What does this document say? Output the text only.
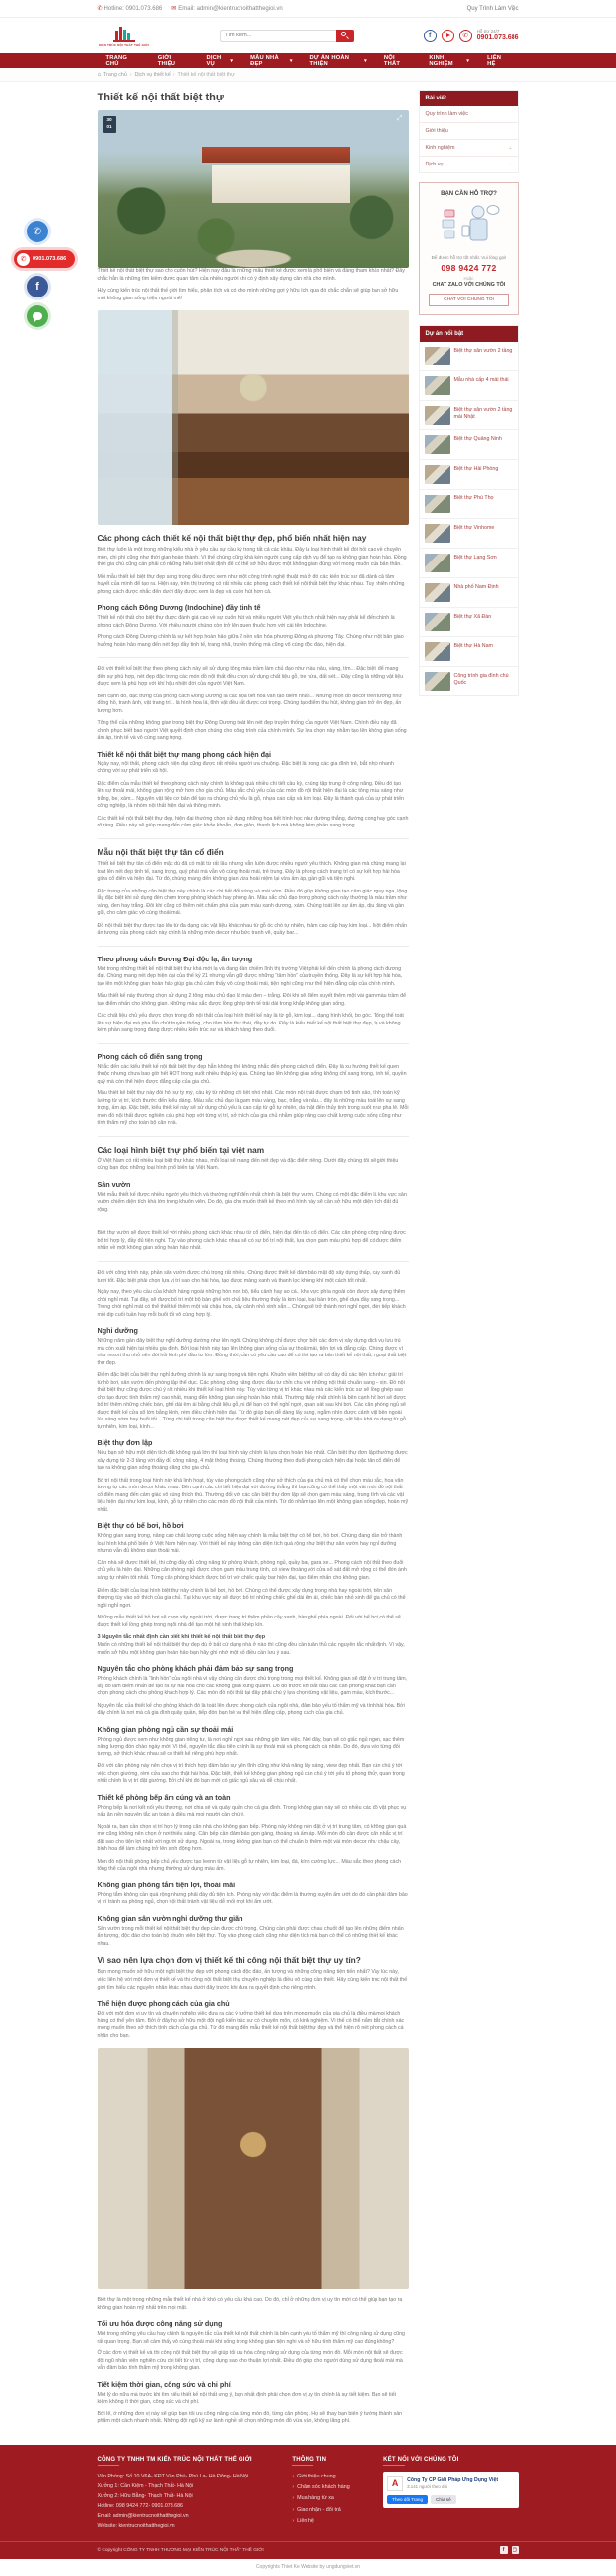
✆ Hotline: 0901.073.686 ✉ Email: admin@kientrucnoithatthegioi.vn	Quy Trình Làm Việc
KIẾN TRÚC NỘI THẤT THẾ GIỚI
Tìm kiếm...
f	✆
Hỗ trợ 24/7
0901.073.686
TRANG CHỦ
GIỚI THIỆU
DỊCH VỤ	▾	MẪU NHÀ ĐẸP	▾	DỰ ÁN HOÀN THIỆN	▾	NỘI THẤT
KINH NGHIỆM	▾	LIÊN HỆ
⌂ Trang chủ › Dịch vụ thiết kế › Thiết kế nội thất biệt thự
Thiết kế nội thất biệt thự
30
01
⤢
Thiết kế nội thất biệt thự sao cho cuốn hút? Hiện nay đâu là những mẫu thiết kế được xem là phổ biến và đáng tham khảo nhất? Đây chắc hẳn là những tìm kiếm được quan tâm của nhiều người khi có ý định xây dựng căn nhà cho mình.
Hãy cùng kiến trúc nội thất thế giới tìm hiểu, phân tích và có cho mình những gợi ý hữu ích, qua đó chắc chắn sẽ giúp bạn sở hữu một không gian sống triệu người mê!
Các phong cách thiết kế nội thất biệt thự đẹp, phổ biến nhất hiện nay
Biệt thự luôn là một trong những kiểu nhà ở yêu cầu sự cầu kỳ trong tất cả các khâu. Đây là loại hình thiết kế đòi hỏi cao về chuyên môn, chi phí cũng như thời gian hoàn thành. Vì thế chúng cũng khá kén người cung cấp dịch vụ để tạo ra không gian hoàn hảo. Đồng thời gia chủ cũng cần phải có những hiểu biết nhất định để có thể sở hữu được một không gian đúng với mong muốn của bản thân.
Mỗi mẫu thiết kế biệt thự đẹp sang trọng đều được xem như một công trình nghệ thuật mà ở đó các kiến trúc sư đã dành cả tâm huyết của mình để tạo ra. Hiện nay, trên thị trường có rất nhiều các phong cách thiết kế nội thất biệt thự khác nhau. Tuy nhiên những phong cách được nhắc đến dưới đây được xem là đẹp và cuốn hút hơn cả.
Phong cách Đông Dương (Indochine) đầy tinh tế
Thiết kế nội thất cho biệt thự được đánh giá cao về sự cuốn hút và nhiều người Việt yêu thích nhất hiện nay phải kể đến chính là phong cách Đông Dương. Với nhiều người chúng còn trở lên quen thuộc hơn với cái tên Indochine.
Phong cách Đông Dương chính là sự kết hợp hoàn hảo giữa 2 nền văn hóa phương Đông và phương Tây. Chúng như một bản giao hưởng hoàn hảo mang đến nét đẹp đầy tinh tế, trang nhã, truyền thống mà cũng vô cùng độc đáo, hiện đại.
Đối với thiết kế biệt thự theo phong cách này sẽ sử dụng tông màu trầm làm chủ đạo như màu nâu, vàng, tím... Đặc biệt, để mang đến sự phù hợp, nét đẹp đặc trưng các món đồ nội thất đều chọn sử dụng chất liệu gỗ, tre nứa, đất sét... Đây cũng là những vật liệu được xem là phù hợp với khí hậu nhiệt đới của người Việt Nam.
Bên cạnh đó, đặc trưng của phong cách Đông Dương là các họa tiết hoa văn tạo điểm nhấn... Những món đồ decor trên tường như đồng hồ, tranh ảnh, vật trang trí... là hình hoa lá, tĩnh vật đều rất được coi trọng. Chúng tạo điểm thu hút, không gian trở lên đẹp, ấn tượng hơn.
Tổng thể của những không gian trong biệt thự Đông Dương toát lên nét đẹp truyền thống của người Việt Nam. Chính điều này đã chinh phục biết bao người Việt quyết định chọn chúng cho công trình của chính mình. Sự lựa chọn này nhằm tạo lên không gian sống ấm áp, tinh tế và vô cùng sang trọng.
Thiết kế nội thất biệt thự mang phong cách hiện đại
Ngày nay, nội thất, phong cách hiện đại cũng được rất nhiều người ưa chuộng. Đặc biệt là trong các gia đình trẻ, bắt nhịp nhanh chóng với sự phát triển xã hội.
Đặc điểm của mẫu thiết kế theo phong cách này chính là không quá nhiều chi tiết cầu kỳ, chúng tập trung ở công năng. Điều đó tạo lên sự thoải mái, không gian rộng mở hơn cho gia chủ. Màu sắc chủ yếu của các món đồ nội thất hiện đại là các tông màu sáng như trắng, be, xám... Nguyên vật liệu cơ bản để tạo ra chúng chủ yếu là gỗ, nhựa cao cấp và kim loại. Đây là thành quả của sự phát triển công nghiệp, là nhóm nội thất hiện đại và thông minh.
Các thiết kế nội thất biệt thự đẹp, hiện đại thường chọn sử dụng những họa tiết hình học như đường thẳng, đường cong hay góc cạnh rõ ràng. Điều này sẽ giúp mang đến cảm giác khỏe khoắn, đơn giản, thanh lịch mà không kém phần sang trọng.
Mẫu nội thất biệt thự tân cổ điển
Thiết kế biệt thự tân cổ điển mặc dù đã có mặt từ rất lâu nhưng vẫn luôn được nhiều người yêu thích. Không gian mà chúng mang lại toát lên nét đẹp tinh tế, sang trọng, quý phái mà vẫn vô cùng thoải mái, trẻ trung. Đây là phong cách trang trí có sự kết hợp hài hòa giữa cổ điển và hiện đại. Từ đó, chúng mang đến không gian vừa hoài niệm lại vừa ấm áp, gần gũi và tiện nghi.
Đặc trưng của những căn biệt thự này chính là các chi tiết đối xứng và mái vòm. Điều đó giúp không gian tạo cảm giác nguy nga, lộng lẫy đặc biệt khi sử dụng đèn chùm trong phòng khách hay phòng ăn. Màu sắc chủ đạo trong phong cách này thường là màu trầm như vàng, đen hay trắng. Đôi khi cũng có thêm nét chấm phá của gam màu xanh dương, xám. Chúng toát lên sự ấm áp, dịu dàng và gần gũi, cho cảm giác vô cùng thoải mái.
Đồ nội thất biệt thự được tạo lên từ đa dạng các vật liệu khác nhau từ gỗ óc chó tự nhiên, thảm cao cấp hay kim loại... Một điểm nhấn ấn tượng của phong cách này chính là những món decor như bức tranh vẽ, quầy bar...
Theo phong cách Đương Đại độc lạ, ấn tượng
Một trong những thiết kế nội thất biệt thự khá mới lạ và đang dần chiếm lĩnh thị trường Việt phải kể đến chính là phong cách đương đại. Chúng mang nét đẹp hiện đại của thế kỷ 21 nhưng vẫn giữ được những “tâm hồn” của truyền thống. Đây là sự kết hợp hài hòa, tạo lên một không gian hoàn hảo giúp gia chủ cảm thấy vô cùng thoải mái, tiện nghi cũng như thể hiện đẳng cấp của chính mình.
Mẫu thiết kế này thường chọn sử dụng 2 tông màu chủ đạo là màu đen – trắng. Đôi khi sẽ điểm xuyết thêm một vài gam màu trầm để tạo điểm nhấn cho không gian. Những màu sắc được lồng ghép tinh tế trải dài trong khắp không gian sống.
Các chất liệu chủ yếu được chọn trong đồ nội thất của loại hình thiết kế này là từ gỗ, kim loại... dạng hình khối, bo góc. Tổng thể toát lên sự hiện đại mà pha lẫn chút truyền thống, cho tâm hồn thư thái, đầy tự do. Đây là kiểu thiết kế nội thất biệt thự đẹp, lạ và không kém phần sang trọng đang được nhiều kiến trúc sư và khách hàng theo đuổi.
Phong cách cổ điển sang trọng
Nhắc đến các kiểu thiết kế nội thất biệt thự đẹp hẳn không thể không nhắc đến phong cách cổ điển. Đây là xu hướng thiết kế quen thuộc nhưng chưa bao giờ hết HOT trong suốt nhiều thập kỷ qua. Chúng tạo lên không gian sống không chỉ sang trọng, tinh tế, quyền quý mà còn thể hiện được đẳng cấp của gia chủ.
Mẫu thiết kế biệt thự này đòi hỏi sự tỷ mỷ, cầu kỳ từ những chi tiết nhỏ nhất. Các món nội thất được chạm trổ tinh xảo, tính toán kỹ lưỡng từ vị trí, kích thước đến kiểu dáng. Màu sắc chủ đạo là gam màu vàng, bạc, trắng và nâu... đây là những màu toát lên sự sang trọng, ấm áp. Đặc biệt, kiểu thiết kế này sẽ sử dụng chủ yếu là cao cấp từ gỗ tự nhiên, da thật đến thủy tinh trong suốt như pha lê. Mỗi món đồ nội thất được nghiên cứu phù hợp với từng vị trí, sở thích của gia chủ nhằm giúp nâng cao chất lượng cuộc sống cũng như tính thẩm mỹ cho toàn bộ căn nhà.
Các loại hình biệt thự phổ biến tại việt nam
Ở Việt Nam có rất nhiều loại biệt thự khác nhau, mỗi loại sẽ mang đến nét đẹp và đặc điểm riêng. Dưới đây chúng tôi sẽ giới thiệu cùng bạn đọc những loại hình phổ biến tại Việt Nam.
Sân vườn
Một mẫu thiết kế được nhiều người yêu thích và thường nghĩ đến nhất chính là biệt thự vườn. Chúng có một đặc điểm là khu vực sân vườn chiếm diện tích khá lớn trong khuôn viên. Do đó, gia chủ muốn thiết kế theo mô hình này sẽ cần sở hữu một diện tích đất đủ rộng.
Biệt thự vườn sẽ được thiết kế với nhiều phong cách khác nhau từ cổ điển, hiện đại đến tân cổ điển. Các căn phòng công năng được bố trí hợp lý, đầy đủ tiện nghi. Tùy vào phong cách khác nhau sẽ có sự bố trí nội thất, lựa chọn gam màu phù hợp để có được điểm nhấn về một không gian sống hoàn hảo nhất.
Đối với công trình này, phần sân vườn được chú trọng rất nhiều. Chúng được thiết kế đảm bảo mật độ xây dựng thấp, cây xanh đủ tươi tốt. Đặc biệt phải chọn lựa vị trí sao cho hài hòa, tạo được mảng xanh và thanh lọc không khí một cách tốt nhất.
Ngày nay, theo yêu cầu của khách hàng ngoài những hòn non bộ, tiểu cảnh hay ao cá.. khu vực phía ngoài còn được xây dựng thêm chòi nghỉ mát. Tại đây, sẽ được bố trí một bộ bàn ghế với chất liệu thường thấy là kim loại, loại bàn tròn, ghế dựa đầy sang trọng... Trong chòi nghỉ mát có thể thiết kế thêm một vài chậu hoa, cây cảnh nhỏ xinh xắn... Chúng sẽ trở thành nơi nghỉ ngơi, đón tiếp khách mỗi dịp cuối tuần hay mỗi buổi tối vô cùng hợp lý.
Nghỉ dưỡng
Những năm gần đây biệt thự nghỉ dưỡng dường như lên ngôi. Chúng không chỉ được chọn bởi các đơn vị xây dựng dịch vụ lưu trú mà còn xuất hiện tại nhiều gia đình. Bởi loại hình này tạo lên không gian sống của sự thoải mái, tiện lợi và đẳng cấp. Chúng được ví như resort thu nhỏ nên đòi hỏi kinh phí đầu tư lớn. Đồng thời, cần có yêu cầu cao để có thể tạo ra bản thiết kế nội thất, ngoại thất biệt thự đẹp.
Điểm đặc biệt của biệt thự nghỉ dưỡng chính là sự sang trọng và tiện nghi. Khuôn viên biệt thự sẽ có đầy đủ các tiện ích như: giải trí từ hồ bơi, sân vườn đến phòng tập thể dục. Các phòng công năng được đầu tư chỉn chu với những nội thất chuẩn sang – xịn. Đồ nội thất biệt thự cũng được chú ý rất nhiều khi thiết kế loại hình này. Tùy vào từng vị trí khác nhau mà các kiến trúc sư sẽ lồng ghép sao cho tạo được tính thẩm mỹ cao nhất, mang đến không gian sống hoàn hảo nhất. Thường thấy nhất chính là bên cạnh hồ bơi sẽ được bố trí thêm những chiếc bàn, ghế dài êm ái bằng chất liệu gỗ, ni để bạn có thể nghỉ ngơi, quan sát sau khi bơi. Các căn phòng ngủ sẽ được thiết kế cửa sổ lớn bằng kính, rèm điều chỉnh hiện đại. Từ đó giúp bạn dễ dàng lấy sáng, ngắm nhìn được cảnh vật bên ngoài lúc sáng sớm hay buổi tối... Từng chi tiết trong căn biệt thự được thiết kế mang nét đẹp của sự sang trọng, vật liệu khá đa dạng từ gỗ tự nhiên, kim loại, kính...
Biệt thự đơn lập
Nếu bạn sở hữu một diện tích đất không quá lớn thì loại hình này chính là lựa chọn hoàn hảo nhất. Căn biệt thự đơn lập thường được xây dựng từ 2-3 tầng với đầy đủ công năng, 4 mặt thông thoáng. Chúng thường theo đuổi phong cách hiện đại hoặc tân cổ điển để tạo ra không gian sống thoáng đãng cho gia chủ.
Bố trí nội thất trong loại hình này khá linh hoạt, tùy vào phong cách cũng như sở thích của gia chủ mà có thể chọn màu sắc, hoa văn tương tự các món decor khác nhau. Bên cạnh các chi tiết hiện đại với đường thẳng thì bạn cũng có thể thấy một vài món đồ nội thất cổ điển mang đến cảm giác vô cùng thích thú. Thường đối với các căn biệt thự đơn lập sẽ chọn gam màu sáng, trung tính và các vật liệu hiện đại như kim loại, kính, gỗ tự nhiên cho các món đồ nội thất của mình. Từ đó nhằm tạo lên một không gian sống đẹp, hoàn mỹ nhất.
Biệt thự có bể bơi, hồ bơi
Không gian sang trọng, nâng cao chất lượng cuộc sống hiện nay chính là mẫu biệt thự có bể bơi, hồ bơi. Chúng đang dần trở thành loại hình khá phổ biến ở Việt Nam hiện nay. Với thiết kế này không cần diện tích quá rộng như biệt thự sân vườn hay nghỉ dưỡng nhưng vẫn đủ không gian thoải mái.
Căn nhà sẽ được thiết kế, thi công đầy đủ công năng từ phòng khách, phòng ngủ, quầy bar, gara xe... Phong cách nội thất theo đuổi chủ yếu là hiện đại. Những căn phòng ngủ được chọn gam màu trung tính, có view thoáng với cửa sổ sát đất mở rộng có thể đón ánh sáng tự nhiên tốt nhất. Từng căn phòng khách được bố trí với chiếc quầy bar hiện đại, tạo điểm nhấn cho không gian.
Điểm đặc biệt của loại hình biệt thự này chính là bể bơi, hồ bơi. Chúng có thể được xây dựng trong nhà hay ngoài trời, trên sân thượng tùy vào sở thích của gia chủ. Tại khu vực này sẽ được bố trí những chiếc ghế dài êm ái, chiếc bàn nhỏ xinh để gia chủ có thể ngồi nghỉ ngơi.
Những mẫu thiết kế hồ bơi sẽ chọn xây ngoài trời, được trang trí thêm phần cây xanh, bàn ghế phía ngoài. Đối với bể bơi có thể sẽ được thiết kế lồng ghép trong ngôi nhà để tạo một hệ sinh thái khép kín.
3 Nguyên tắc nhất định cần biết khi thiết kế nội thất biệt thự đẹp
Muốn có những thiết kế nội thất biệt thự đẹp dù ở bất cứ dạng nhà ở nào thì cũng đều cần tuân thủ các nguyên tắc nhất định. Vì vậy, muốn sở hữu một không gian hoàn hảo bạn hãy ghi nhớ một số điều cần lưu ý sau.
Nguyên tắc cho phòng khách phải đảm bảo sự sang trọng
Phòng khách chính là “linh hồn” của ngôi nhà vì vậy chúng cần được chú trọng trong mọi thiết kế. Không gian sẽ đặt ở vị trí trung tâm, lấy đó làm điểm nhấn để tạo ra sự hài hòa cho các không gian xung quanh. Do đó trước khi bắt đầu các căn phòng khác bạn cần chọn phong cách cho phòng khách hợp lý. Các món đồ nội thất tại đây phải chú ý lựa chọn từng vật liệu, gam màu, kích thước...
Nguyên tắc của thiết kế cho phòng khách đó là toát lên được phong cách của ngôi nhà, đảm bảo yếu tố thẩm mỹ và tính hài hòa. Bởi đây chính là nơi mà cả gia đình quây quần, tiếp đón bạn bè và thể hiện đẳng cấp, phong cách của gia chủ.
Không gian phòng ngủ cần sự thoải mái
Phòng ngủ được xem như không gian riêng tư, là nơi nghỉ ngơi sau những giờ làm việc. Nơi đây, bạn sẽ có giấc ngủ ngon, sạc thêm năng lượng đón chào ngày mới. Vì thế, nguyên tắc đầu tiên chính là sự thoải mái và phong cách cá nhân. Do đó, dựa vào từng đối tượng, sở thích khác nhau sẽ có thiết kế riêng phù hợp nhất.
Đối với căn phòng này nên chọn vị trí thích hợp đảm bảo sự yên tĩnh cũng như khả năng lấy sáng, view đẹp nhất. Bạn cần chú ý tới việc chọn giường, rèm cửa sao cho thật hài hòa. Đặc biệt, thiết kế không gian phòng ngủ cần chú ý tới yếu tố phong thủy, quan trọng nhất chính là vị trí đặt giường. Bởi chỉ khi đó bạn mới có giấc ngủ sâu và dễ chịu nhất.
Thiết kế phòng bếp ấm cúng và an toàn
Phòng bếp là nơi kết nối yêu thương, nơi chia sẻ và quây quần cho cả gia đình. Trong không gian này sẽ có nhiều các đồ vật phục vụ nấu ăn nên nguyên tắc an toàn là điều mà mọi người cần chú ý.
Ngoài ra, bạn cần chọn vị trí hợp lý trong căn nhà cho không gian bếp. Phòng này không nên đặt ở vị trí trung tâm, có không gian quá mở cũng không nên chọn ở nơi thiếu sáng. Căn bếp cần đảm bảo gọn gàng, thoáng và ấm áp. Mỗi món đồ cần được cân nhắc vị trí đặt sao cho tiện lợi nhất với người sử dụng. Ngoài ra, trong không gian bạn có thể chuẩn bị thêm một vài món decor như chậu cây, bình hoa để làm chúng trở lên sinh động hơn.
Món đồ nội thất phòng bếp chủ yếu được tạo leenn từ vật liệu gỗ tự nhiên, kim loại, đá, kính cường lực... Màu sắc theo phong cách tổng thể của ngôi nhà nhưng thường sử dụng màu ấm.
Không gian phòng tắm tiện lợi, thoải mái
Phòng tắm không cần quá rộng nhưng phải đầy đủ tiện ích. Phòng này với đặc điểm là thường xuyên ẩm ướt do đó cần phải đảm bảo vị trí tránh xa phòng ngủ, chọn nội thất tránh vật liệu dễ mối mọt khi ẩm ướt.
Không gian sân vườn nghỉ dưỡng thư giãn
Sân vườn trong mỗi thiết kế nội thất biệt thự đẹp cần được chú trọng. Chúng cần phải được chau chuốt để tạo lên những điểm nhấn ấn tượng, độc đáo cho toàn bộ khuôn viên biệt thự. Tùy vào phong cách cũng như diện tích mà bạn có thể có những thiết kế khác nhau.
Vì sao nên lựa chọn đơn vị thiết kế thi công nội thất biệt thự uy tín?
Bạn mong muốn sở hữu một ngôi biệt thự đẹp với phong cách độc đáo, ấn tượng và những công năng tiện tiến nhất? Vậy lúc này, việc liên hệ với một đơn vị thiết kế và thi công nội thất biệt thự chuyên nghiệp là điều vô cùng cần thiết. Hãy cùng kiến trúc nội thất thế giới tìm hiểu các nguyên nhân khác nhau dưới đây trước khi đưa ra quyết định cho riêng mình.
Thể hiện được phong cách của gia chủ
Đối với một đơn vị uy tín và chuyên nghiệp việc đưa ra các ý tưởng thiết kế dựa trên mong muốn của gia chủ là điều mà mọi khách hàng có thể yên tâm. Bởi ở đây họ sở hữu một đội ngũ kiến trúc sư có chuyên môn, có kinh nghiệm. Vì thế có thể nắm bắt chính xác mong muốn theo sở thích tính cách của gia chủ. Từ đó mang đến mẫu thiết kế nội thất biệt thự đẹp và thể hiện rõ nét phong cách cá nhân cho bạn.
Biệt thự là một trong những mẫu thiết kế nhà ở khó có yêu cầu khá cao. Do đó, chỉ ở những đơn vị uy tín mới có thể giúp bạn tạo ra không gian hoàn mỹ nhất trên mọi mặt.
Tối ưu hóa được công năng sử dụng
Một trong những yêu cầu hay chính là nguyên tắc của thiết kế nội thất chính là bên cạnh yếu tố thẩm mỹ thì công năng sử dụng cũng rất quan trọng. Bạn sẽ cảm thấy vô cùng thoải mái khi sống trong không gian tiện nghi và sở hữu tính thẩm mỹ cao đúng không?
Ở các đơn vị thiết kế và thi công nội thất biệt thự sẽ giúp tối ưu hóa công năng sử dụng của từng món đồ. Mỗi món nội thất sẽ được đội ngũ nhân viên nghiên cứu chi tiết từ vị trí, công dụng sao cho thuận lợi nhất. Điều đó giúp cho người dùng sử dụng thoải mái mà vẫn đảm bảo tính thẩm mỹ trong không gian.
Tiết kiệm thời gian, công sức và chi phí
Một lý do nữa mà trước khi tìm hiểu thiết kế nội thất ưng ý, bạn nhất định phải chọn đơn vị uy tín chính là sự tiết kiệm. Bạn sẽ tiết kiệm không ít thời gian, công sức và chi phí.
Bởi lẽ, ở những đơn vị này sẽ giúp bạn tối ưu công năng của từng món đồ, từng căn phòng. Họ sẽ thay bạn biến ý tưởng thành sản phẩm một cách nhanh nhất. Những đội ngũ kỹ sư lành nghề sẽ chọn những món đồ vừa vặn, không lãng phí.
Bài viết
Quy trình làm việc
Giới thiệu
Kinh nghiệm	⌄
Dịch vụ	⌄
BẠN CẦN HỖ TRỢ?
Để được hỗ trợ tốt nhất. Vui lòng gọi!
098 9424 772
Hoặc
CHAT ZALO VỚI CHÚNG TÔI
CHAT VỚI CHÚNG TÔI
Dự án nổi bật
Biệt thự sân vườn 2 tầng
Mẫu nhà cấp 4 mái thái
Biệt thự sân vườn 2 tầng mái Nhật
Biệt thự Quảng Ninh
Biệt thự Hải Phòng
Biệt thự Phú Thọ
Biệt thự Vinhome
Biệt thự Lạng Sơn
Nhà phố Nam Định
Biệt thự Xã Đàn
Biệt thự Hà Nam
Công trình gia đình chú Quốc
✆
✆	0901.073.686
f
CÔNG TY TNHH TM KIẾN TRÚC NỘI THẤT THẾ GIỚI
Văn Phòng: Số 10 V6A- KĐT Văn Phú- Phú La- Hà Đông- Hà Nội
Xưởng 1: Cần Kiệm - Thạch Thất- Hà Nội
Xưởng 2: Hữu Bằng- Thạch Thất- Hà Nội
Hotline: 098 9424 772- 0901.073.686
Email: admin@kientrucnoithatthegioi.vn
Website: kientrucnoithatthegioi.vn
THÔNG TIN
› Giới thiệu chung
› Chăm sóc khách hàng
› Mua hàng từ xa
› Giao nhận - đổi trả
› Liên hệ
KẾT NỐI VỚI CHÚNG TÔI
A	Công Ty CP Giải Pháp Ứng Dụng Việt
3.141 người theo dõi
Theo dõi Trang	Chia sẻ
© Copyright CÔNG TY TNHH THƯƠNG MẠI KIẾN TRÚC NỘI THẤT THẾ GIỚI	f	◻
Copyrights Thiet Ke Website by ungdungviet.vn
